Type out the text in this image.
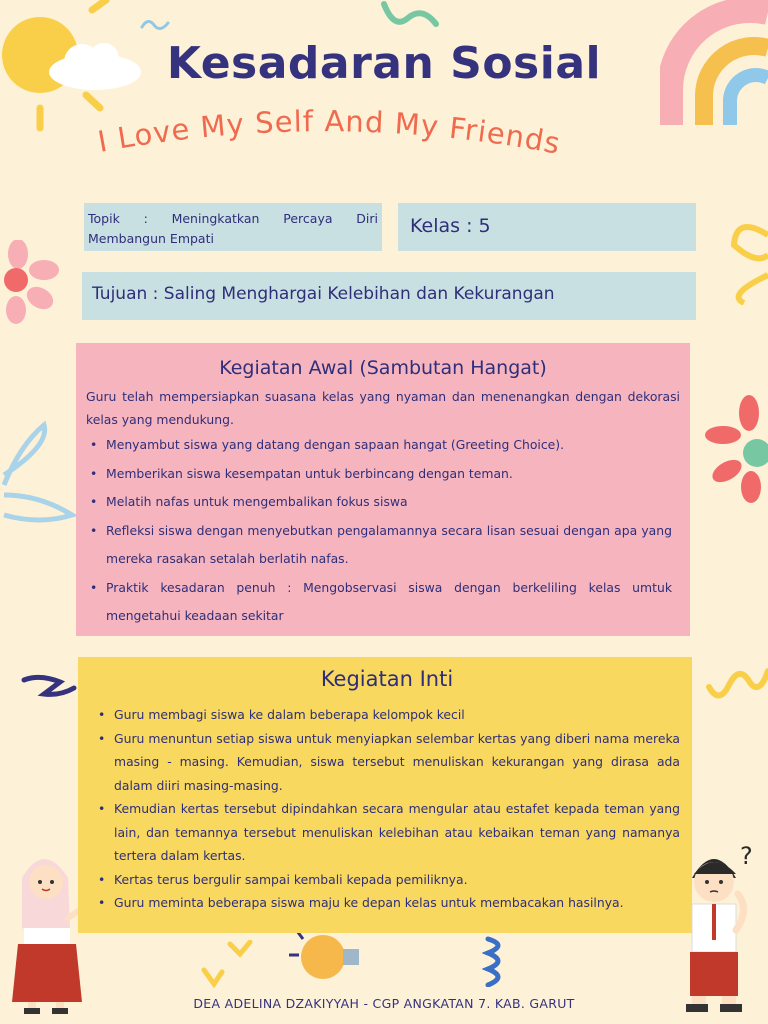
?
Kesadaran Sosial
I Love My Self And My Friends
Topik : Meningkatkan Percaya Diri Membangun Empati
Kelas : 5
Tujuan : Saling Menghargai Kelebihan dan Kekurangan
Kegiatan Awal (Sambutan Hangat)

Guru telah mempersiapkan suasana kelas yang nyaman dan menenangkan dengan dekorasi kelas yang mendukung.

• Menyambut siswa yang datang dengan sapaan hangat (Greeting Choice).
• Memberikan siswa kesempatan untuk berbincang dengan teman.
• Melatih nafas untuk mengembalikan fokus siswa
• Refleksi siswa dengan menyebutkan pengalamannya secara lisan sesuai dengan apa yang mereka rasakan setalah berlatih nafas.
• Praktik kesadaran penuh : Mengobservasi siswa dengan berkeliling kelas umtuk mengetahui keadaan sekitar
Kegiatan Inti
• Guru membagi siswa ke dalam beberapa kelompok kecil
• Guru menuntun setiap siswa untuk menyiapkan selembar kertas yang diberi nama mereka masing - masing. Kemudian, siswa tersebut menuliskan kekurangan yang dirasa ada dalam diiri masing-masing.
• Kemudian kertas tersebut dipindahkan secara mengular atau estafet kepada teman yang lain, dan temannya tersebut menuliskan kelebihan atau kebaikan teman yang namanya tertera dalam kertas.
• Kertas terus bergulir sampai kembali kepada pemiliknya.
• Guru meminta beberapa siswa maju ke depan kelas untuk membacakan hasilnya.
DEA ADELINA DZAKIYYAH - CGP ANGKATAN 7. KAB. GARUT
